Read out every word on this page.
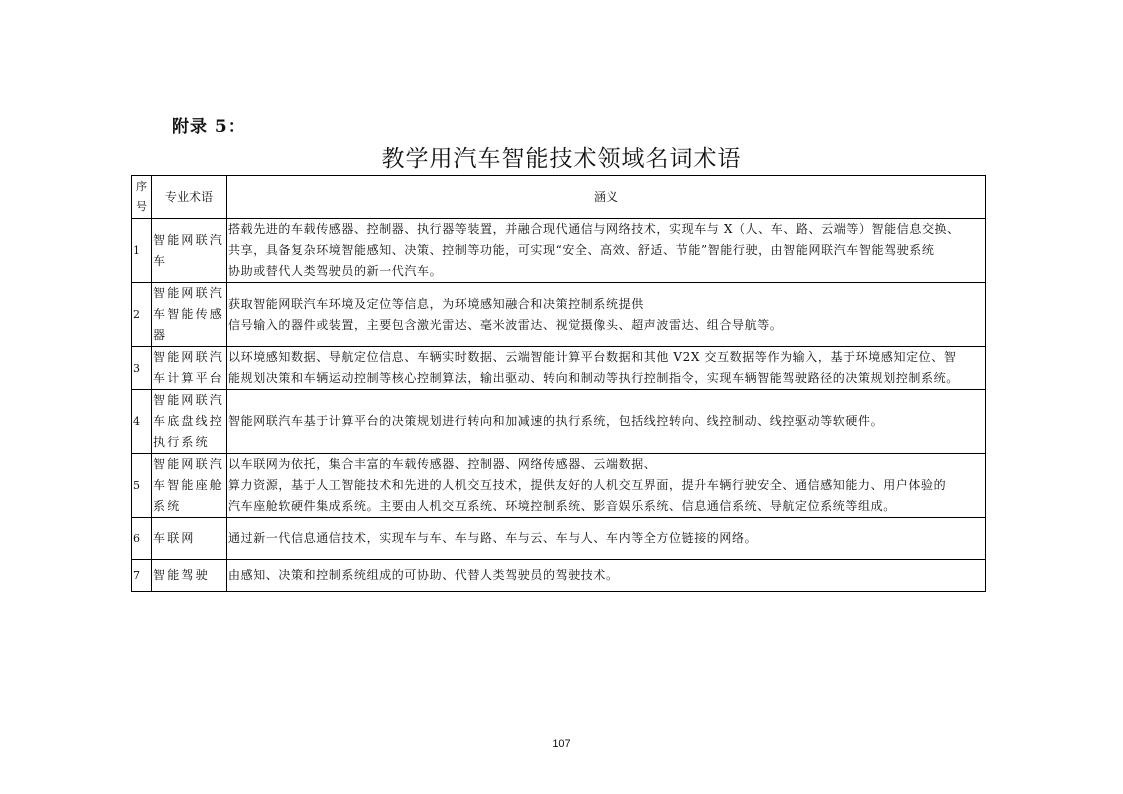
附录 5：
教学用汽车智能技术领域名词术语
序号	专业术语	涵义
1	智能网联汽车	搭载先进的车载传感器、控制器、执行器等装置，并融合现代通信与网络技术，实现车与 X（人、车、路、云端等）智能信息交换、
共享，具备复杂环境智能感知、决策、控制等功能，可实现“安全、高效、舒适、节能”智能行驶，由智能网联汽车智能驾驶系统
协助或替代人类驾驶员的新一代汽车。

2	智能网联汽车智能传感器	获取智能网联汽车环境及定位等信息，为环境感知融合和决策控制系统提供
信号输入的器件或装置，主要包含激光雷达、毫米波雷达、视觉摄像头、超声波雷达、组合导航等。

3	智能网联汽车计算平台	以环境感知数据、导航定位信息、车辆实时数据、云端智能计算平台数据和其他 V2X 交互数据等作为输入，基于环境感知定位、智
能规划决策和车辆运动控制等核心控制算法，输出驱动、转向和制动等执行控制指令，实现车辆智能驾驶路径的决策规划控制系统。

4	智能网联汽车底盘线控执行系统	智能网联汽车基于计算平台的决策规划进行转向和加减速的执行系统，包括线控转向、线控制动、线控驱动等软硬件。

5	智能网联汽车智能座舱系统	以车联网为依托，集合丰富的车载传感器、控制器、网络传感器、云端数据、
算力资源，基于人工智能技术和先进的人机交互技术，提供友好的人机交互界面，提升车辆行驶安全、通信感知能力、用户体验的
汽车座舱软硬件集成系统。主要由人机交互系统、环境控制系统、影音娱乐系统、信息通信系统、导航定位系统等组成。

6	车联网	通过新一代信息通信技术，实现车与车、车与路、车与云、车与人、车内等全方位链接的网络。

7	智能驾驶	由感知、决策和控制系统组成的可协助、代替人类驾驶员的驾驶技术。
107
